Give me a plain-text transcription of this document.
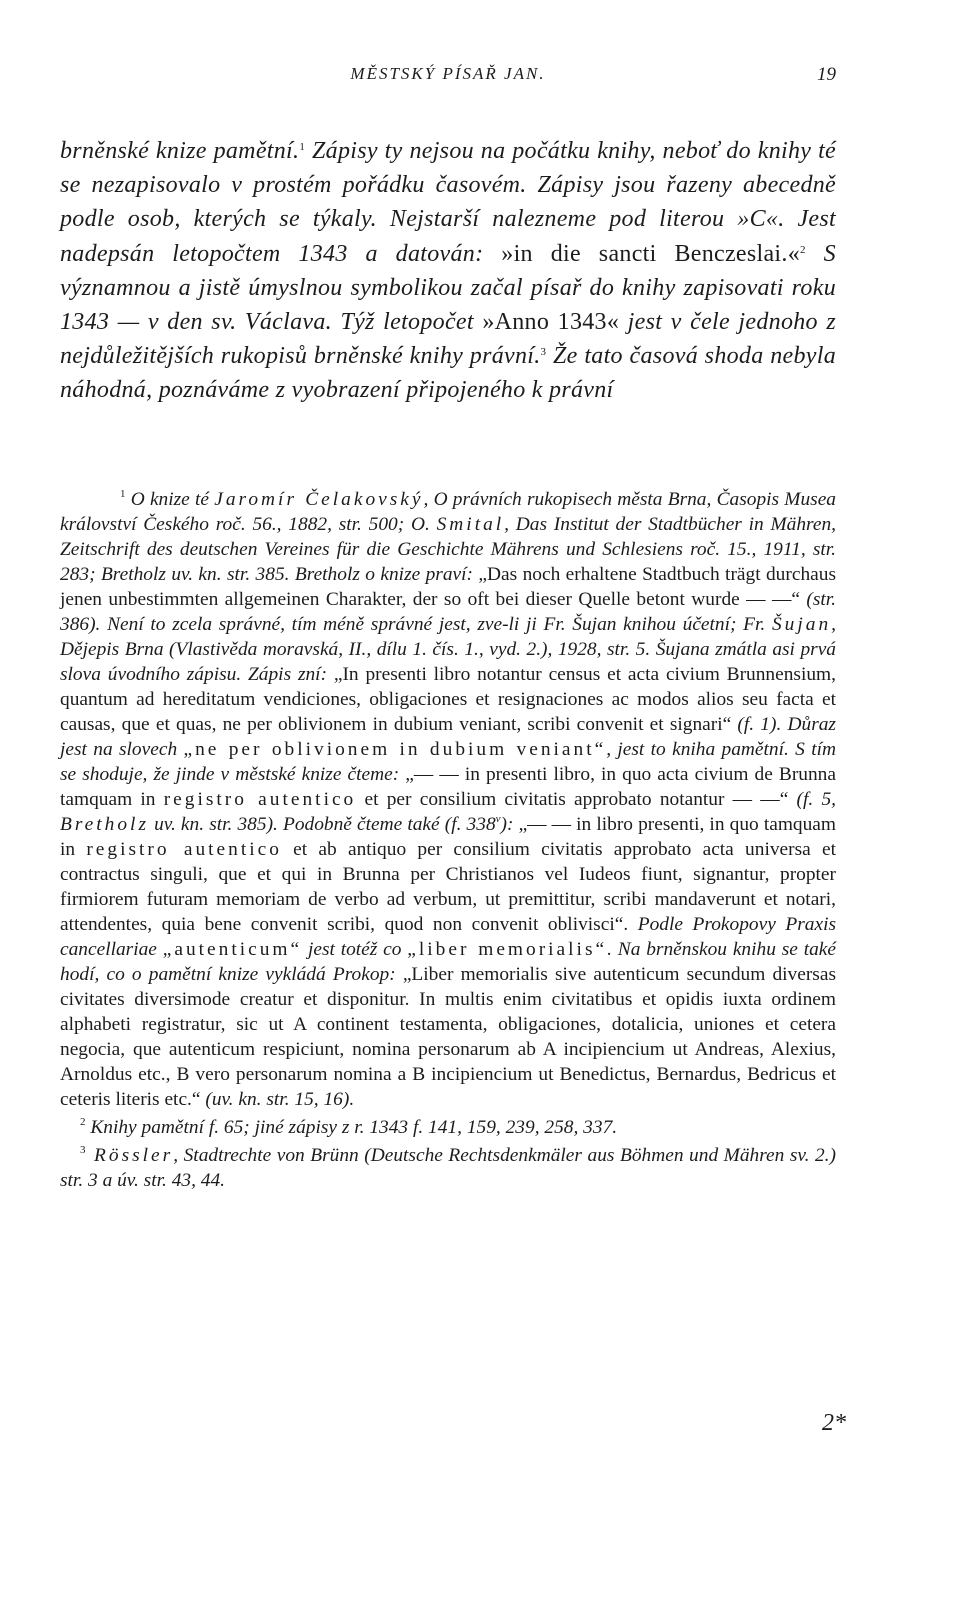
MĚSTSKÝ PÍSAŘ JAN.	19

brněnské knize pamětní.$^1$ Zápisy ty nejsou na počátku knihy, neboť do knihy té se nezapisovalo v prostém pořádku časovém. Zápisy jsou řazeny abecedně podle osob, kterých se týkaly. Nejstarší nalezneme pod literou »C«. Jest nadepsán letopočtem 1343 a datován: »in die sancti Benczeslai.«$^2$ S významnou a jistě úmyslnou symbolikou začal písař do knihy zapisovati roku 1343 — v den sv. Václava. Týž letopočet »Anno 1343« jest v čele jednoho z nejdůležitějších rukopisů brněnské knihy právní.$^3$ Že tato časová shoda nebyla náhodná, poznáváme z vyobrazení připojeného k právní

$^1$ O knize té Jaromír Čelakovský, O právních rukopisech města Brna, Časopis Musea království Českého roč. 56., 1882, str. 500; O. Smital, Das Institut der Stadtbücher in Mähren, Zeitschrift des deutschen Vereines für die Geschichte Mährens und Schlesiens roč. 15., 1911, str. 283; Bretholz uv. kn. str. 385. Bretholz o knize praví: „Das noch erhaltene Stadtbuch trägt durchaus jenen unbestimmten allgemeinen Charakter, der so oft bei dieser Quelle betont wurde — —“ (str. 386). Není to zcela správné, tím méně správné jest, zve-li ji Fr. Šujan knihou účetní; Fr. Šujan, Dějepis Brna (Vlastivěda moravská, II., dílu 1. čís. 1., vyd. 2.), 1928, str. 5. Šujana zmátla asi prvá slova úvodního zápisu. Zápis zní: „In presenti libro notantur census et acta civium Brunnensium, quantum ad hereditatum vendiciones, obligaciones et resignaciones ac modos alios seu facta et causas, que et quas, ne per oblivionem in dubium veniant, scribi convenit et signari“ (f. 1). Důraz jest na slovech „ne per oblivionem in dubium veniant“, jest to kniha pamětní. S tím se shoduje, že jinde v městské knize čteme: „— — in presenti libro, in quo acta civium de Brunna tamquam in registro autentico et per consilium civitatis approbato notantur — —“ (f. 5, Bretholz uv. kn. str. 385). Podobně čteme také (f. 338$^v$): „— — in libro presenti, in quo tamquam in registro autentico et ab antiquo per consilium civitatis approbato acta universa et contractus singuli, que et qui in Brunna per Christianos vel Iudeos fiunt, signantur, propter firmiorem futuram memoriam de verbo ad verbum, ut premittitur, scribi mandaverunt et notari, attendentes, quia bene convenit scribi, quod non convenit oblivisci“. Podle Prokopovy Praxis cancellariae „autenticum“ jest totéž co „liber memorialis“. Na brněnskou knihu se také hodí, co o pamětní knize vykládá Prokop: „Liber memorialis sive autenticum secundum diversas civitates diversimode creatur et disponitur. In multis enim civitatibus et opidis iuxta ordinem alphabeti registratur, sic ut A continent testamenta, obligaciones, dotalicia, uniones et cetera negocia, que autenticum respiciunt, nomina personarum ab A incipiencium ut Andreas, Alexius, Arnoldus etc., B vero personarum nomina a B incipiencium ut Benedictus, Bernardus, Bedricus et ceteris literis etc.“ (uv. kn. str. 15, 16).

$^2$ Knihy pamětní f. 65; jiné zápisy z r. 1343 f. 141, 159, 239, 258, 337.

$^3$ Rössler, Stadtrechte von Brünn (Deutsche Rechtsdenkmäler aus Böhmen und Mähren sv. 2.) str. 3 a úv. str. 43, 44.

2*
